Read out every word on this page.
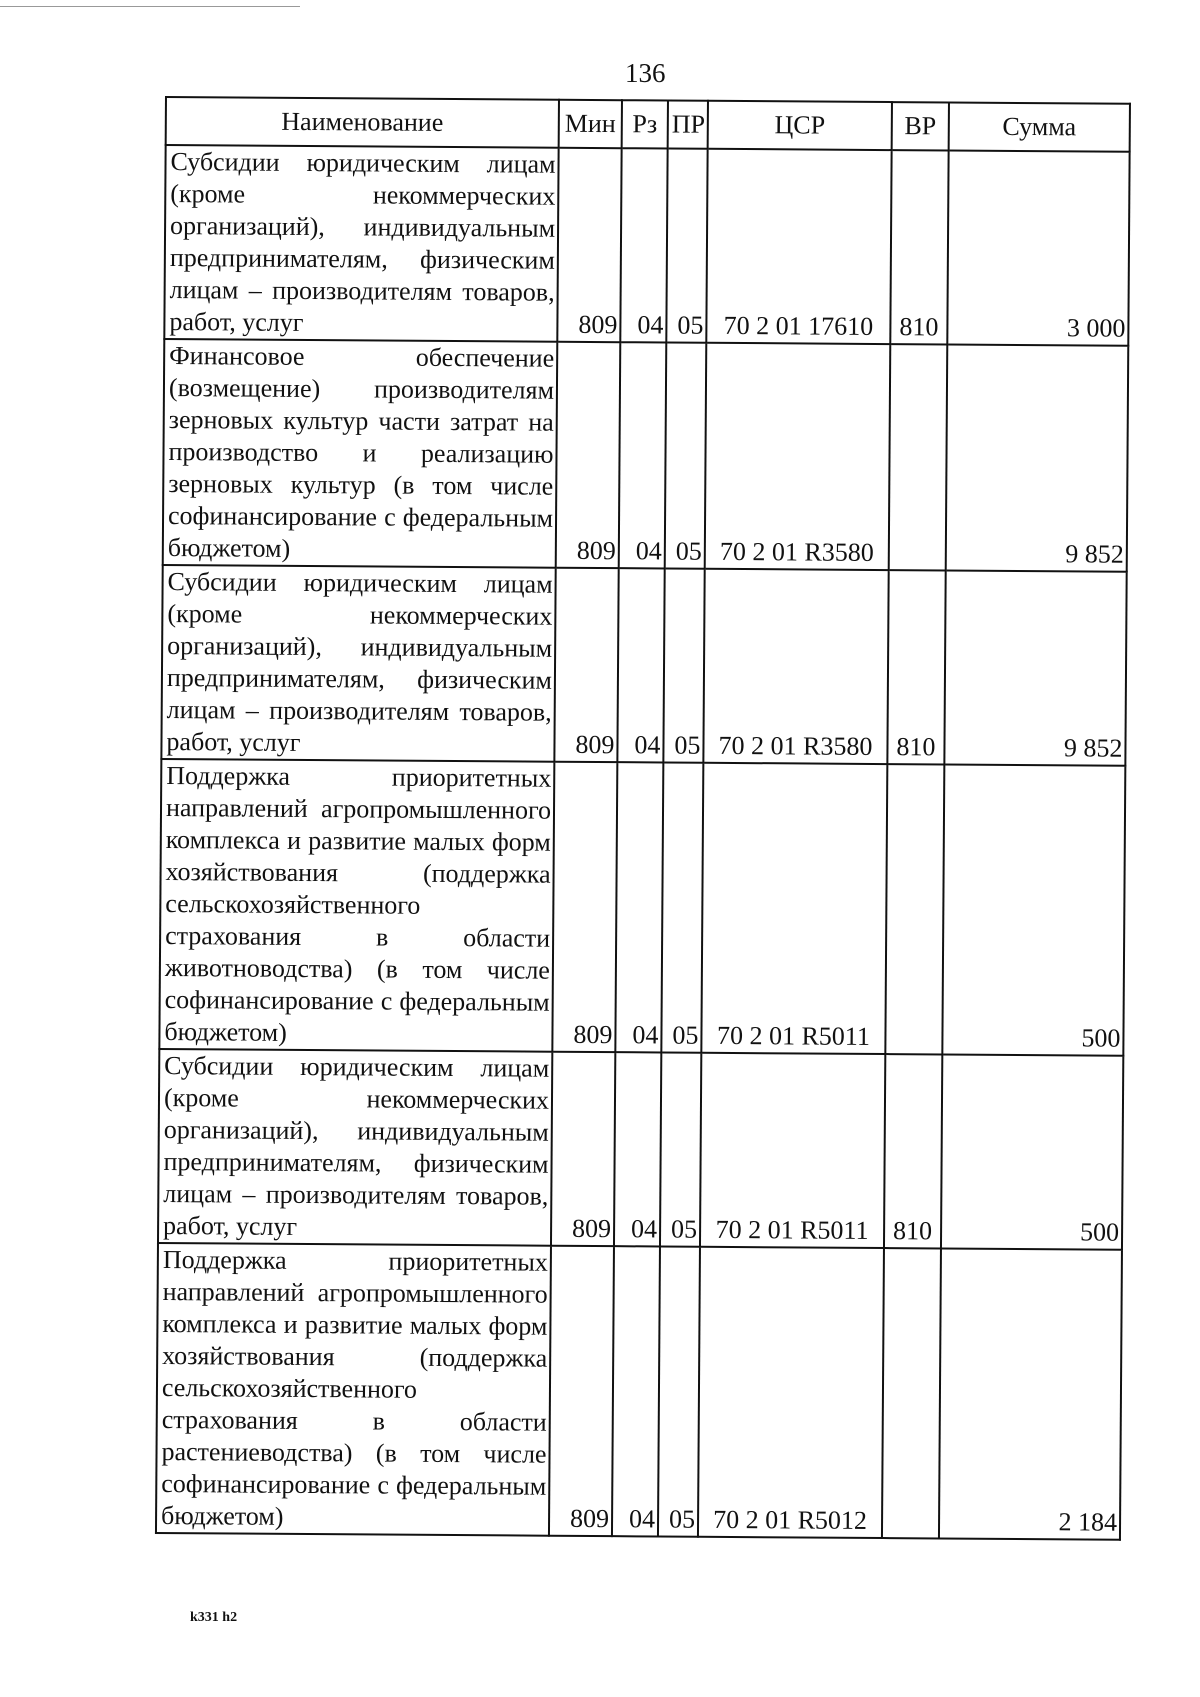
136
Наименование	Мин	Рз	ПР	ЦСР	ВР	Сумма
Субсидии юридическим лицам (кроме некоммерческих организаций), индивидуальным предпринимателям, физическим лицам – производителям товаров, работ, услуг	809	04	05	70 2 01 17610	810	3 000
Финансовое обеспечение (возмещение) производителям зерновых культур части затрат на производство и реализацию зерновых культур (в том числе софинансирование с федеральным бюджетом)	809	04	05	70 2 01 R3580		9 852
Субсидии юридическим лицам (кроме некоммерческих организаций), индивидуальным предпринимателям, физическим лицам – производителям товаров, работ, услуг	809	04	05	70 2 01 R3580	810	9 852
Поддержка приоритетных направлений агропромышленного комплекса и развитие малых форм хозяйствования (поддержка сельскохозяйственного страхования в области животноводства) (в том числе софинансирование с федеральным бюджетом)	809	04	05	70 2 01 R5011		500
Субсидии юридическим лицам (кроме некоммерческих организаций), индивидуальным предпринимателям, физическим лицам – производителям товаров, работ, услуг	809	04	05	70 2 01 R5011	810	500
Поддержка приоритетных направлений агропромышленного комплекса и развитие малых форм хозяйствования (поддержка сельскохозяйственного страхования в области растениеводства) (в том числе софинансирование с федеральным бюджетом)	809	04	05	70 2 01 R5012		2 184
k331 h2
